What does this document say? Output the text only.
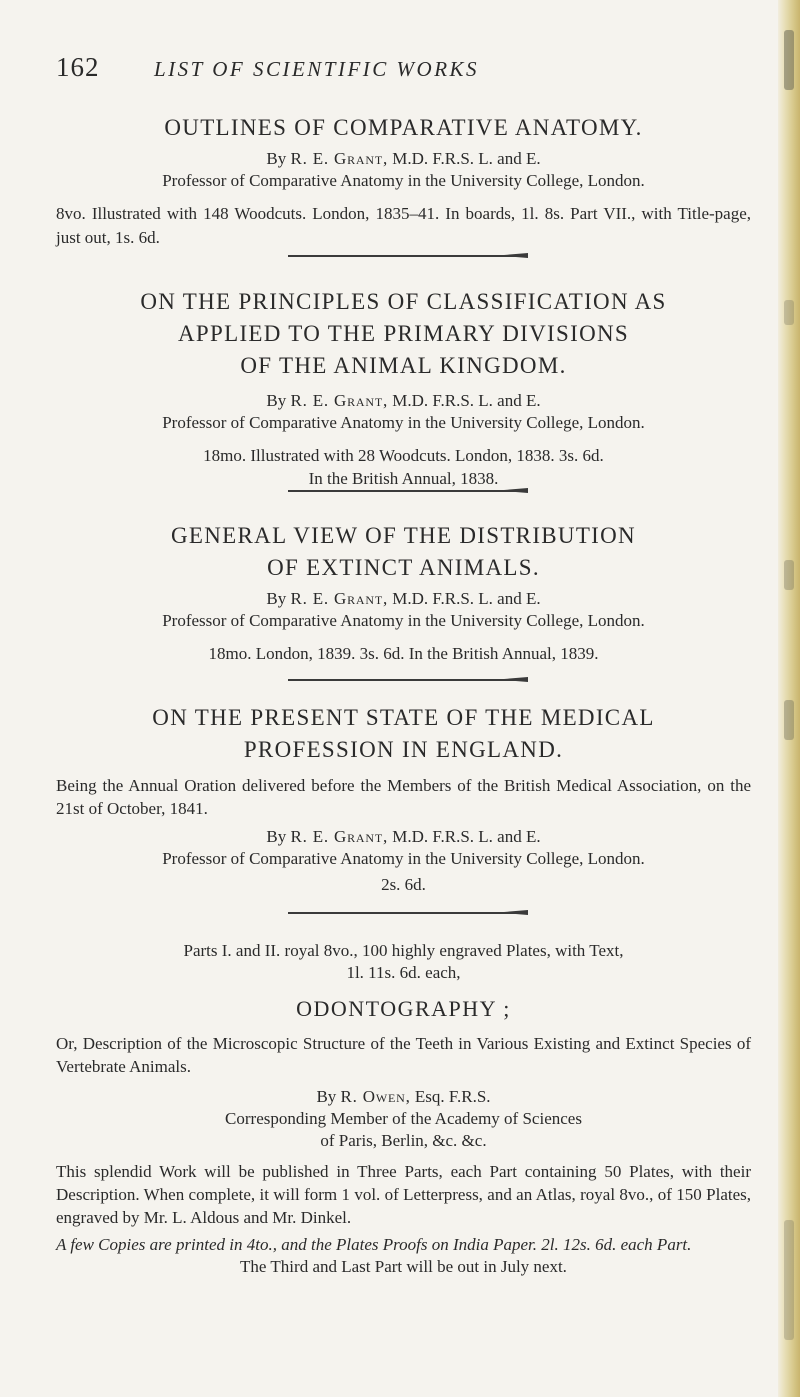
162	LIST OF SCIENTIFIC WORKS
OUTLINES OF COMPARATIVE ANATOMY.
By R. E. Grant, M.D. F.R.S. L. and E.
Professor of Comparative Anatomy in the University College, London.
8vo. Illustrated with 148 Woodcuts. London, 1835–41. In boards, 1l. 8s. Part VII., with Title-page, just out, 1s. 6d.
ON THE PRINCIPLES OF CLASSIFICATION AS
APPLIED TO THE PRIMARY DIVISIONS
OF THE ANIMAL KINGDOM.
By R. E. Grant, M.D. F.R.S. L. and E.
Professor of Comparative Anatomy in the University College, London.
18mo. Illustrated with 28 Woodcuts. London, 1838. 3s. 6d.
In the British Annual, 1838.
GENERAL VIEW OF THE DISTRIBUTION
OF EXTINCT ANIMALS.
By R. E. Grant, M.D. F.R.S. L. and E.
Professor of Comparative Anatomy in the University College, London.
18mo. London, 1839. 3s. 6d. In the British Annual, 1839.
ON THE PRESENT STATE OF THE MEDICAL
PROFESSION IN ENGLAND.
Being the Annual Oration delivered before the Members of the British Medical Association, on the 21st of October, 1841.
By R. E. Grant, M.D. F.R.S. L. and E.
Professor of Comparative Anatomy in the University College, London.
2s. 6d.
Parts I. and II. royal 8vo., 100 highly engraved Plates, with Text,
1l. 11s. 6d. each,
ODONTOGRAPHY ;
Or, Description of the Microscopic Structure of the Teeth in Various Existing and Extinct Species of Vertebrate Animals.
By R. Owen, Esq. F.R.S.
Corresponding Member of the Academy of Sciences
of Paris, Berlin, &c. &c.
This splendid Work will be published in Three Parts, each Part containing 50 Plates, with their Description. When complete, it will form 1 vol. of Letterpress, and an Atlas, royal 8vo., of 150 Plates, engraved by Mr. L. Aldous and Mr. Dinkel.
A few Copies are printed in 4to., and the Plates Proofs on India Paper. 2l. 12s. 6d. each Part.
The Third and Last Part will be out in July next.
